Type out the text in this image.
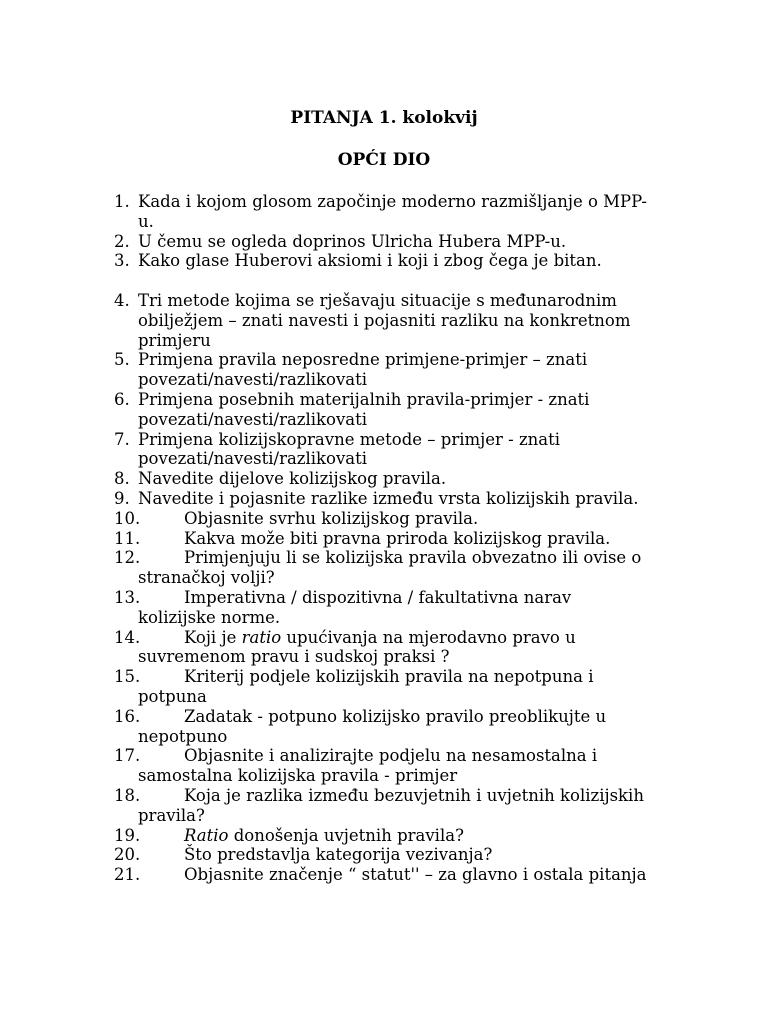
PITANJA 1. kolokvij
OPĆI DIO
1. Kada i kojom glosom započinje moderno razmišljanje o MPP-u.
2. U čemu se ogleda doprinos Ulricha Hubera MPP-u.
3. Kako glase Huberovi aksiomi i koji i zbog čega je bitan.
4. Tri metode kojima se rješavaju situacije s međunarodnim obilježjem – znati navesti i pojasniti razliku na konkretnom primjeru
5. Primjena pravila neposredne primjene-primjer – znati povezati/navesti/razlikovati
6. Primjena posebnih materijalnih pravila-primjer - znati povezati/navesti/razlikovati
7. Primjena kolizijskopravne metode – primjer - znati povezati/navesti/razlikovati
8. Navedite dijelove kolizijskog pravila.
9. Navedite i pojasnite razlike između vrsta kolizijskih pravila.
10.	Objasnite svrhu kolizijskog pravila.
11.	Kakva može biti pravna priroda kolizijskog pravila.
12.	Primjenjuju li se kolizijska pravila obvezatno ili ovise o stranačkoj volji?
13.	Imperativna / dispozitivna / fakultativna narav kolizijske norme.
14.	Koji je ratio upućivanja na mjerodavno pravo u suvremenom pravu i sudskoj praksi ?
15.	Kriterij podjele kolizijskih pravila na nepotpuna i potpuna
16.	Zadatak - potpuno kolizijsko pravilo preoblikujte u nepotpuno
17.	Objasnite i analizirajte podjelu na nesamostalna i samostalna kolizijska pravila - primjer
18.	Koja je razlika između bezuvjetnih i uvjetnih kolizijskih pravila?
19.	Ratio donošenja uvjetnih pravila?
20.	Što predstavlja kategorija vezivanja?
21.	Objasnite značenje “ statut'' – za glavno i ostala pitanja
